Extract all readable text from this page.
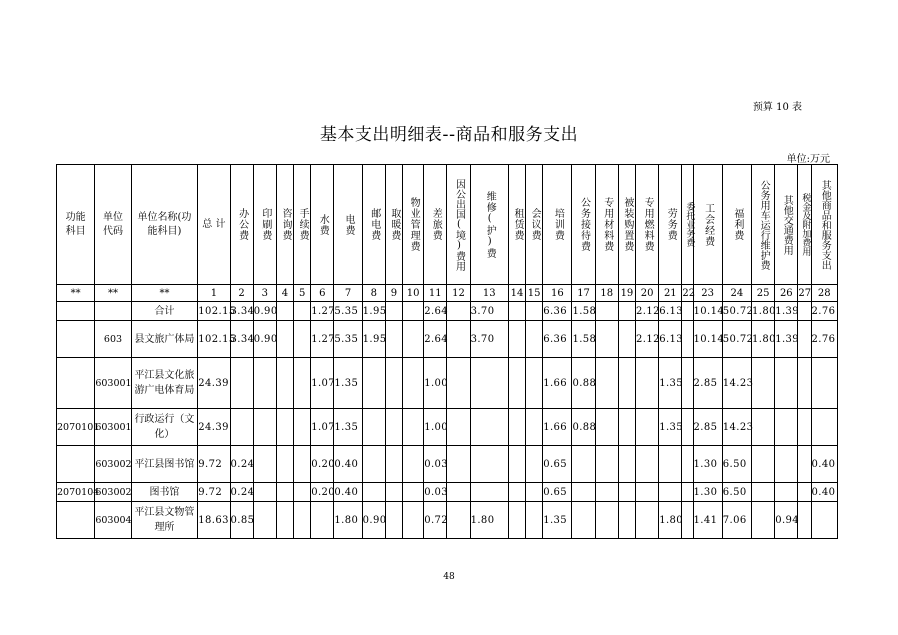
预算 10 表
基本支出明细表--商品和服务支出
单位:万元
功能科目	单位代码	单位名称(功能科目)	总 计	办公费	印刷费	咨询费	手续费	水费	电费	邮电费	取暖费	物业管理费	差旅费	因公出国(境)费用	维修(护)费	租赁费	会议费	培训费	公务接待费	专用材料费	被装购置费	专用燃料费	劳务费	委托业务费	工会经费	福利费	公务用车运行维护费	其他交通费用	税金及附加费用	其他商品和服务支出

**	**	**	1	2	3	4	5	6	7	8	9	10	11	12	13	14	15	16	17	18	19	20	21	22	23	24	25	26	27	28
		合计	102.15	3.34	0.90			1.27	5.35	1.95			2.64		3.70			6.36	1.58			2.12	6.13		10.14	50.72	1.80	1.39		2.76
	603	县文旅广体局	102.15	3.34	0.90			1.27	5.35	1.95			2.64		3.70			6.36	1.58			2.12	6.13		10.14	50.72	1.80	1.39		2.76
	603001	平江县文化旅游广电体育局	24.39					1.07	1.35				1.00					1.66	0.88				1.35		2.85	14.23				
2070101	603001	行政运行（文化）	24.39					1.07	1.35				1.00					1.66	0.88				1.35		2.85	14.23				
	603002	平江县图书馆	9.72	0.24				0.20	0.40				0.03					0.65							1.30	6.50				0.40
2070104	603002	图书馆	9.72	0.24				0.20	0.40				0.03					0.65							1.30	6.50				0.40
	603004	平江县文物管理所	18.63	0.85					1.80	0.90			0.72		1.80			1.35					1.80		1.41	7.06		0.94		
48
